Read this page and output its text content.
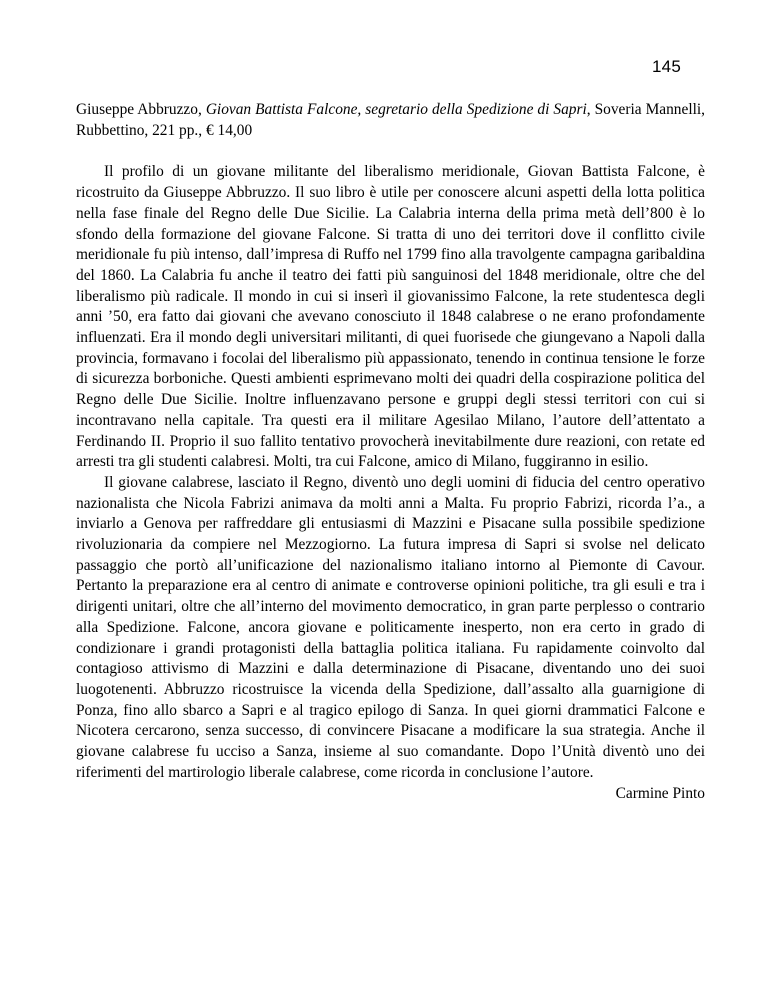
145

Giuseppe Abbruzzo, Giovan Battista Falcone, segretario della Spedizione di Sapri, Soveria Mannelli, Rubbettino, 221 pp., € 14,00

Il profilo di un giovane militante del liberalismo meridionale, Giovan Battista Falcone, è ricostruito da Giuseppe Abbruzzo. Il suo libro è utile per conoscere alcuni aspetti della lotta politica nella fase finale del Regno delle Due Sicilie. La Calabria interna della prima metà dell’800 è lo sfondo della formazione del giovane Falcone. Si tratta di uno dei territori dove il conflitto civile meridionale fu più intenso, dall’impresa di Ruffo nel 1799 fino alla travolgente campagna garibaldina del 1860. La Calabria fu anche il teatro dei fatti più sanguinosi del 1848 meridionale, oltre che del liberalismo più radicale. Il mondo in cui si inserì il giovanissimo Falcone, la rete studentesca degli anni ’50, era fatto dai giovani che avevano conosciuto il 1848 calabrese o ne erano profondamente influenzati. Era il mondo degli universitari militanti, di quei fuorisede che giungevano a Napoli dalla provincia, formavano i focolai del liberalismo più appassionato, tenendo in continua tensione le forze di sicurezza borboniche. Questi ambienti esprimevano molti dei quadri della cospirazione politica del Regno delle Due Sicilie. Inoltre influenzavano persone e gruppi degli stessi territori con cui si incontravano nella capitale. Tra questi era il militare Agesilao Milano, l’autore dell’attentato a Ferdinando II. Proprio il suo fallito tentativo provocherà inevitabilmente dure reazioni, con retate ed arresti tra gli studenti calabresi. Molti, tra cui Falcone, amico di Milano, fuggiranno in esilio.

Il giovane calabrese, lasciato il Regno, diventò uno degli uomini di fiducia del centro operativo nazionalista che Nicola Fabrizi animava da molti anni a Malta. Fu proprio Fabrizi, ricorda l’a., a inviarlo a Genova per raffreddare gli entusiasmi di Mazzini e Pisacane sulla possibile spedizione rivoluzionaria da compiere nel Mezzogiorno. La futura impresa di Sapri si svolse nel delicato passaggio che portò all’unificazione del nazionalismo italiano intorno al Piemonte di Cavour. Pertanto la preparazione era al centro di animate e controverse opinioni politiche, tra gli esuli e tra i dirigenti unitari, oltre che all’interno del movimento democratico, in gran parte perplesso o contrario alla Spedizione. Falcone, ancora giovane e politicamente inesperto, non era certo in grado di condizionare i grandi protagonisti della battaglia politica italiana. Fu rapidamente coinvolto dal contagioso attivismo di Mazzini e dalla determinazione di Pisacane, diventando uno dei suoi luogotenenti. Abbruzzo ricostruisce la vicenda della Spedizione, dall’assalto alla guarnigione di Ponza, fino allo sbarco a Sapri e al tragico epilogo di Sanza. In quei giorni drammatici Falcone e Nicotera cercarono, senza successo, di convincere Pisacane a modificare la sua strategia. Anche il giovane calabrese fu ucciso a Sanza, insieme al suo comandante. Dopo l’Unità diventò uno dei riferimenti del martirologio liberale calabrese, come ricorda in conclusione l’autore.

Carmine Pinto
